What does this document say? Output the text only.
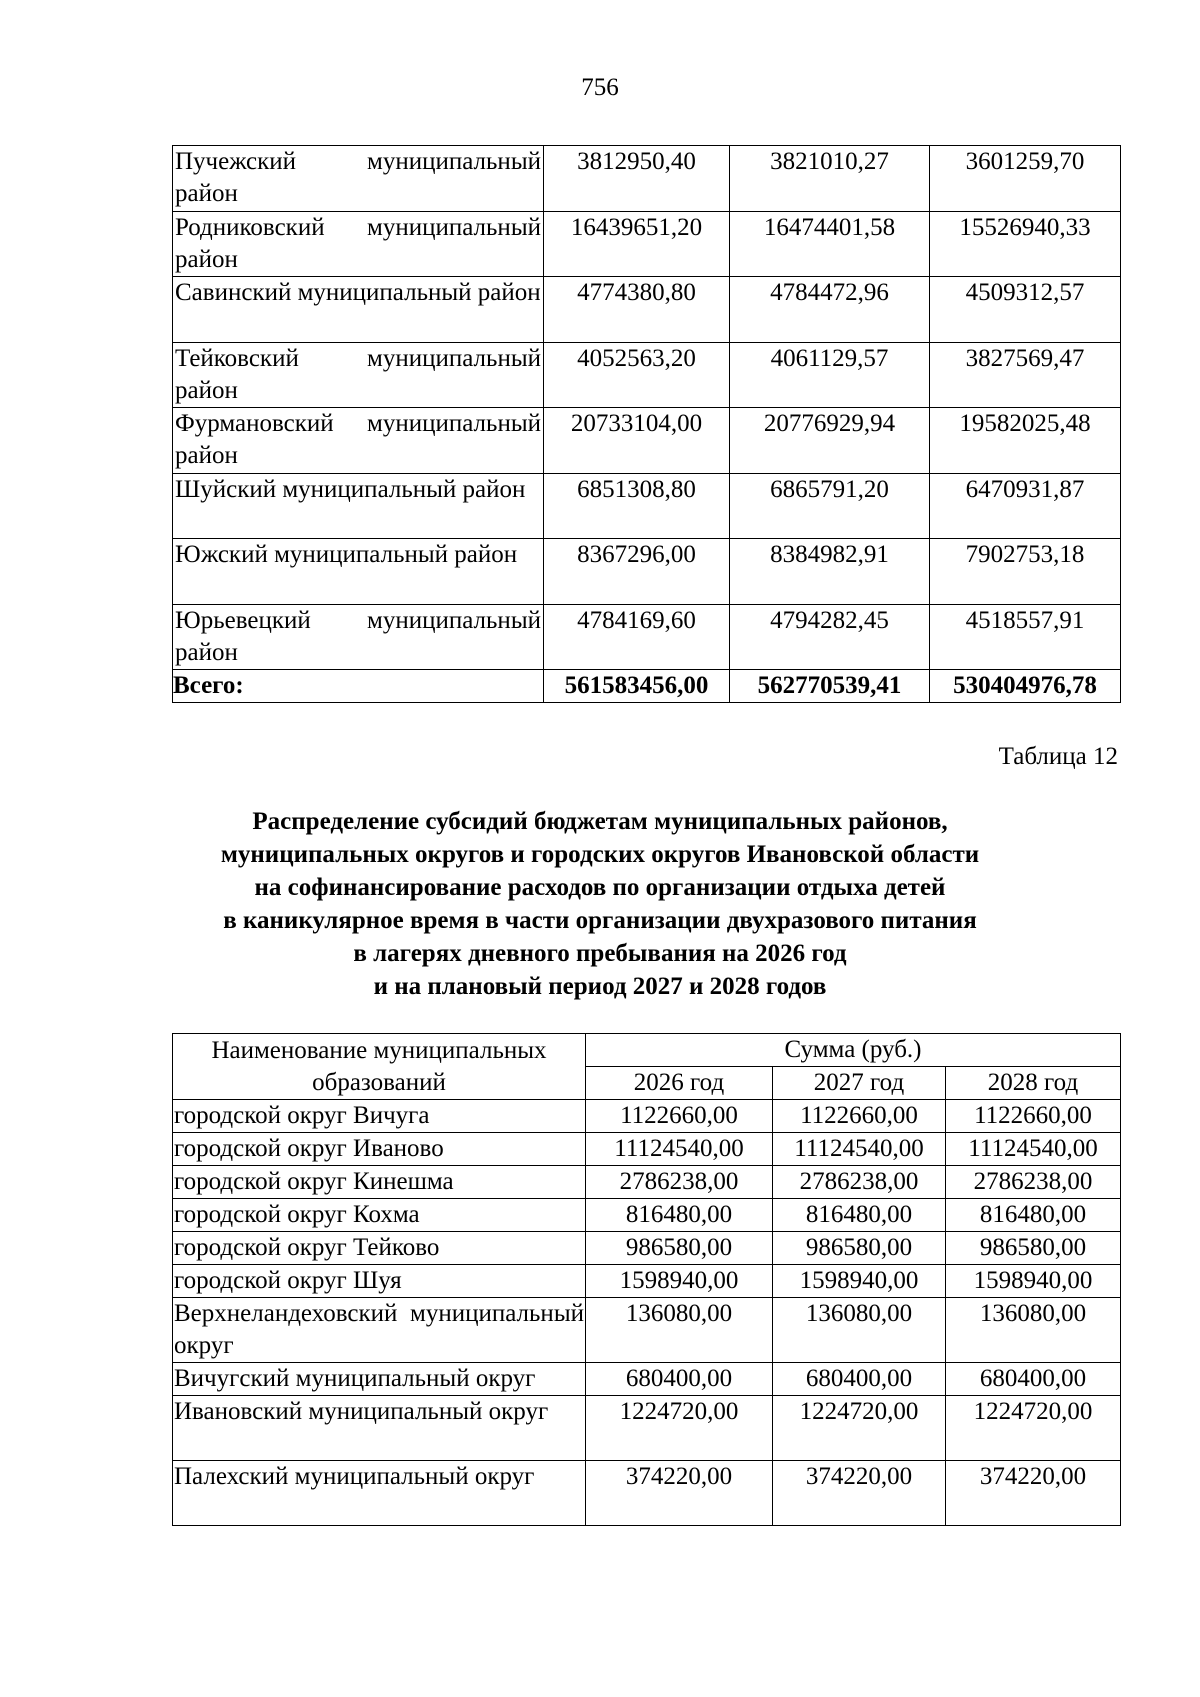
756
Пучежский муниципальный район	3812950,40	3821010,27	3601259,70
Родниковский муниципальный район	16439651,20	16474401,58	15526940,33
Савинский муниципальный район	4774380,80	4784472,96	4509312,57
Тейковский муниципальный район	4052563,20	4061129,57	3827569,47
Фурмановский муниципальный район	20733104,00	20776929,94	19582025,48
Шуйский муниципальный район	6851308,80	6865791,20	6470931,87
Южский муниципальный район	8367296,00	8384982,91	7902753,18
Юрьевецкий муниципальный район	4784169,60	4794282,45	4518557,91
Всего:	561583456,00	562770539,41	530404976,78
Таблица 12
Распределение субсидий бюджетам муниципальных районов,
муниципальных округов и городских округов Ивановской области
на софинансирование расходов по организации отдыха детей
в каникулярное время в части организации двухразового питания
в лагерях дневного пребывания на 2026 год
и на плановый период 2027 и 2028 годов
Наименование муниципальных образований	Сумма (руб.)		
	2026 год	2027 год	2028 год
городской округ Вичуга	1122660,00	1122660,00	1122660,00
городской округ Иваново	11124540,00	11124540,00	11124540,00
городской округ Кинешма	2786238,00	2786238,00	2786238,00
городской округ Кохма	816480,00	816480,00	816480,00
городской округ Тейково	986580,00	986580,00	986580,00
городской округ Шуя	1598940,00	1598940,00	1598940,00
Верхнеландеховский муниципальный округ	136080,00	136080,00	136080,00
Вичугский муниципальный округ	680400,00	680400,00	680400,00
Ивановский муниципальный округ	1224720,00	1224720,00	1224720,00
Палехский муниципальный округ	374220,00	374220,00	374220,00
